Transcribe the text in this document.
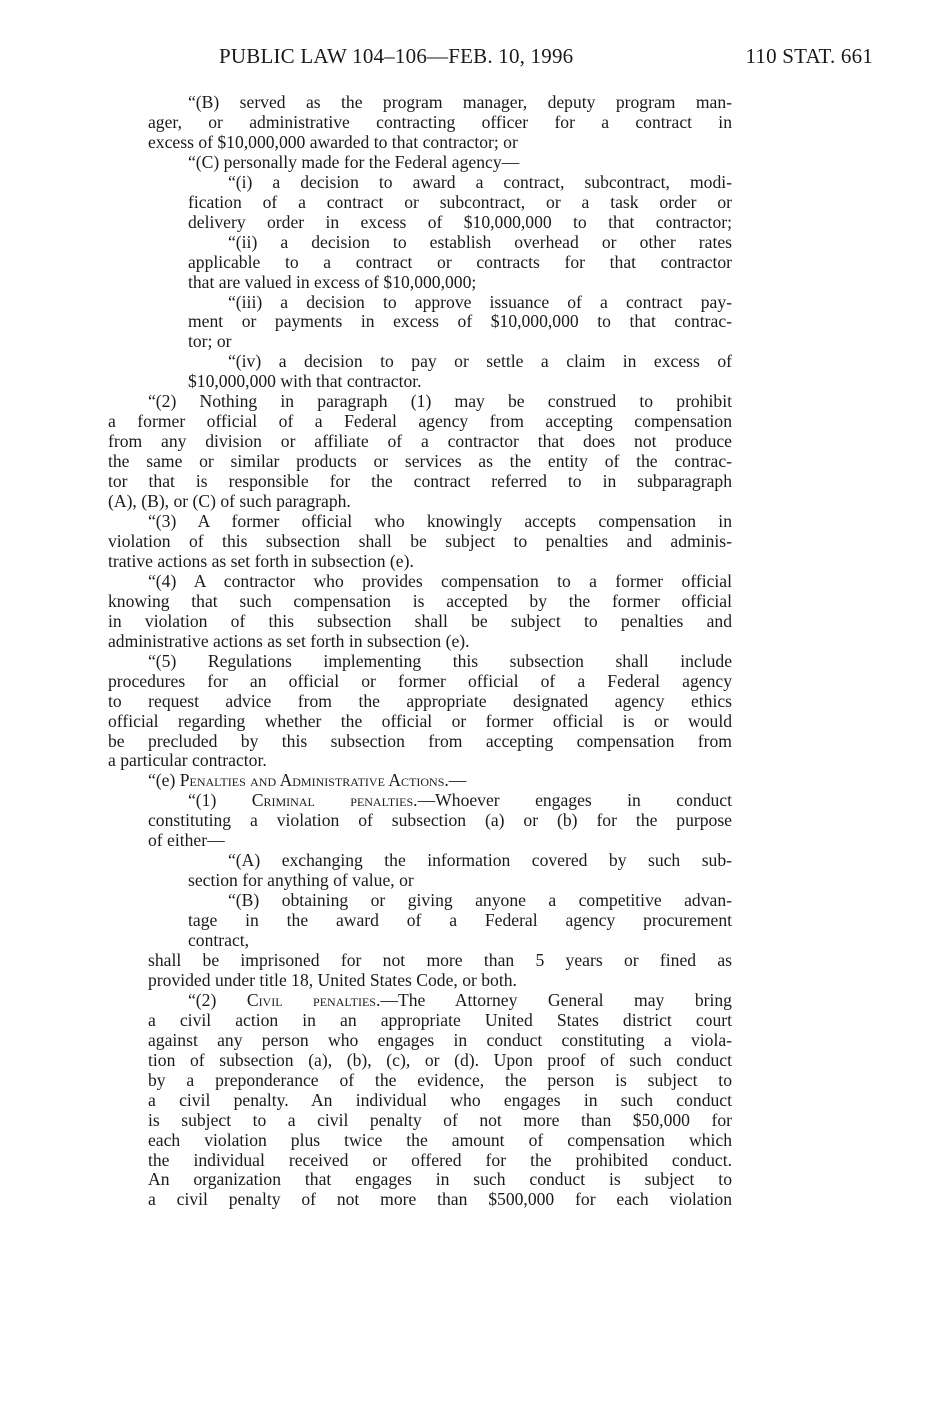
PUBLIC LAW 104–106—FEB. 10, 1996	110 STAT. 661
“(B) served as the program manager, deputy program man-
ager, or administrative contracting officer for a contract in
excess of $10,000,000 awarded to that contractor; or
“(C) personally made for the Federal agency—
“(i) a decision to award a contract, subcontract, modi-
fication of a contract or subcontract, or a task order or
delivery order in excess of $10,000,000 to that contractor;
“(ii) a decision to establish overhead or other rates
applicable to a contract or contracts for that contractor
that are valued in excess of $10,000,000;
“(iii) a decision to approve issuance of a contract pay-
ment or payments in excess of $10,000,000 to that contrac-
tor; or
“(iv) a decision to pay or settle a claim in excess of
$10,000,000 with that contractor.
“(2) Nothing in paragraph (1) may be construed to prohibit
a former official of a Federal agency from accepting compensation
from any division or affiliate of a contractor that does not produce
the same or similar products or services as the entity of the contrac-
tor that is responsible for the contract referred to in subparagraph
(A), (B), or (C) of such paragraph.
“(3) A former official who knowingly accepts compensation in
violation of this subsection shall be subject to penalties and adminis-
trative actions as set forth in subsection (e).
“(4) A contractor who provides compensation to a former official
knowing that such compensation is accepted by the former official
in violation of this subsection shall be subject to penalties and
administrative actions as set forth in subsection (e).
“(5) Regulations implementing this subsection shall include
procedures for an official or former official of a Federal agency
to request advice from the appropriate designated agency ethics
official regarding whether the official or former official is or would
be precluded by this subsection from accepting compensation from
a particular contractor.
“(e) Penalties and Administrative Actions.—
“(1) Criminal penalties.—Whoever engages in conduct
constituting a violation of subsection (a) or (b) for the purpose
of either—
“(A) exchanging the information covered by such sub-
section for anything of value, or
“(B) obtaining or giving anyone a competitive advan-
tage in the award of a Federal agency procurement
contract,
shall be imprisoned for not more than 5 years or fined as
provided under title 18, United States Code, or both.
“(2) Civil penalties.—The Attorney General may bring
a civil action in an appropriate United States district court
against any person who engages in conduct constituting a viola-
tion of subsection (a), (b), (c), or (d). Upon proof of such conduct
by a preponderance of the evidence, the person is subject to
a civil penalty. An individual who engages in such conduct
is subject to a civil penalty of not more than $50,000 for
each violation plus twice the amount of compensation which
the individual received or offered for the prohibited conduct.
An organization that engages in such conduct is subject to
a civil penalty of not more than $500,000 for each violation
